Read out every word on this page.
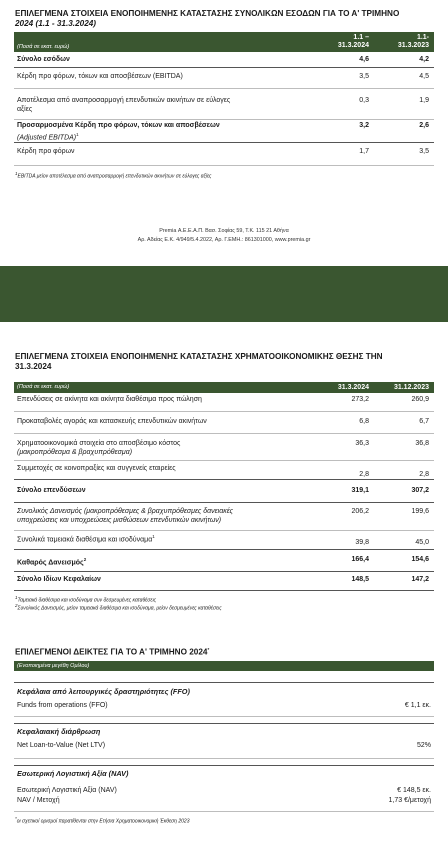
ΕΠΙΛΕΓΜΕΝΑ ΣΤΟΙΧΕΙΑ ΕΝΟΠΟΙΗΜΕΝΗΣ ΚΑΤΑΣΤΑΣΗΣ ΣΥΝΟΛΙΚΩΝ ΕΣΟΔΩΝ ΓΙΑ ΤΟ Α' ΤΡΙΜΗΝΟ
2024 (1.1 - 31.3.2024)
(Ποσά σε εκατ. ευρώ)
1.1 –
31.3.2024
1.1-
31.3.2023
Σύνολο εσόδων	4,6	4,2
Κέρδη προ φόρων, τόκων και αποσβέσεων (EBITDA)	3,5	4,5
Αποτέλεσμα από αναπροσαρμογή επενδυτικών ακινήτων σε εύλογες
αξίες
0,3	1,9
Προσαρμοσμένα Κέρδη προ φόρων, τόκων και αποσβέσεων
(Adjusted EBITDA)$^1$
3,2	2,6
Κέρδη προ φόρων	1,7	3,5
$^1$EBITDA μείον αποτέλεσμα από αναπροσαρμογή επενδυτικών ακινήτων σε εύλογες αξίες
Premia Α.Ε.Ε.Α.Π. Βασ. Σοφίας 59, Τ.Κ. 115 21 Αθήνα
Αρ. Αδείας Ε.Κ. 4/949/5.4.2022, Αρ. Γ.ΕΜΗ.: 861301000, www.premia.gr
ΕΠΙΛΕΓΜΕΝΑ ΣΤΟΙΧΕΙΑ ΕΝΟΠΟΙΗΜΕΝΗΣ ΚΑΤΑΣΤΑΣΗΣ ΧΡΗΜΑΤΟΟΙΚΟΝΟΜΙΚΗΣ ΘΕΣΗΣ ΤΗΝ
31.3.2024
(Ποσά σε εκατ. ευρώ)	31.3.2024	31.12.2023
Επενδύσεις σε ακίνητα και ακίνητα διαθέσιμα προς πώληση	273,2	260,9
Προκαταβολές αγοράς και κατασκευής επενδυτικών ακινήτων	6,8	6,7
Χρηματοοικονομικά στοιχεία στο αποσβέσιμο κόστος
(μακροπρόθεσμα & βραχυπρόθεσμα)
36,3	36,8
Συμμετοχές σε κοινοπραξίες και συγγενείς εταιρείες
2,8	2,8
Σύνολο επενδύσεων	319,1	307,2
Συνολικός Δανεισμός (μακροπρόθεσμες & βραχυπρόθεσμες δανειακές
υποχρεώσεις και υποχρεώσεις μισθώσεων επενδυτικών ακινήτων)
206,2	199,6
Συνολικά ταμειακά διαθέσιμα και ισοδύναμα$^1$
39,8	45,0
Καθαρός Δανεισμός$^2$	166,4	154,6
Σύνολο Ιδίων Κεφαλαίων	148,5	147,2
$^1$Ταμειακά διαθέσιμα και ισοδύναμα συν δεσμευμένες καταθέσεις
$^2$Συνολικός Δανεισμός, μείον ταμειακά διαθέσιμα και ισοδύναμα, μείον δεσμευμένες καταθέσεις
ΕΠΙΛΕΓΜΕΝΟΙ ΔΕΙΚΤΕΣ ΓΙΑ ΤΟ Α' ΤΡΙΜΗΝΟ 2024*
(Ενοποιημένα μεγέθη Ομίλου)
Κεφάλαια από λειτουργικές δραστηριότητες (FFO)
Funds from operations (FFO)	€ 1,1 εκ.
Κεφαλαιακή διάρθρωση
Net Loan-to-Value (Net LTV)	52%
Εσωτερική Λογιστική Αξία (NAV)
Εσωτερική Λογιστική Αξία (NAV)	€ 148,5 εκ.
NAV / Μετοχή	1,73 €/μετοχή
*οι σχετικοί ορισμοί παρατίθενται στην Ετήσια Χρηματοοικονομική Έκθεση 2023
